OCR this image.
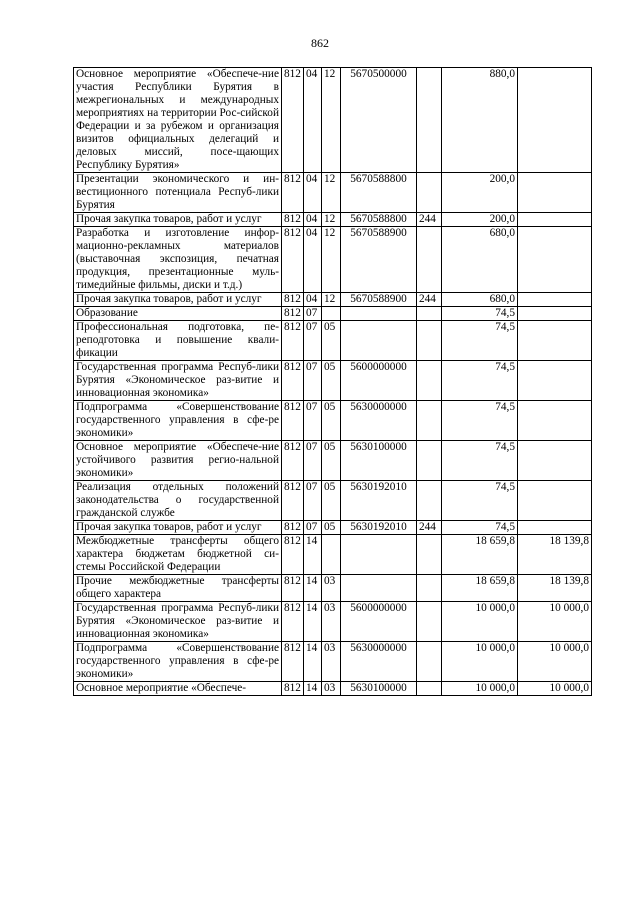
862
Основное мероприятие «Обеспече-ние участия Республики Бурятия в межрегиональных и международных мероприятиях на территории Рос-сийской Федерации и за рубежом и организация визитов официальных делегаций и деловых миссий, посе-щающих Республику Бурятия»	812	04	12	5670500000		880,0	
Презентации экономического и ин-вестиционного потенциала Респуб-лики Бурятия	812	04	12	5670588800		200,0	
Прочая закупка товаров, работ и услуг	812	04	12	5670588800	244	200,0	
Разработка и изготовление инфор-мационно-рекламных материалов (выставочная экспозиция, печатная продукция, презентационные муль-тимедийные фильмы, диски и т.д.)	812	04	12	5670588900		680,0	
Прочая закупка товаров, работ и услуг	812	04	12	5670588900	244	680,0	
Образование	812	07				74,5	
Профессиональная подготовка, пе-реподготовка и повышение квали-фикации	812	07	05			74,5	
Государственная программа Респуб-лики Бурятия «Экономическое раз-витие и инновационная экономика»	812	07	05	5600000000		74,5	
Подпрограмма «Совершенствование государственного управления в сфе-ре экономики»	812	07	05	5630000000		74,5	
Основное мероприятие «Обеспече-ние устойчивого развития регио-нальной экономики»	812	07	05	5630100000		74,5	
Реализация отдельных положений законодательства о государственной гражданской службе	812	07	05	5630192010		74,5	
Прочая закупка товаров, работ и услуг	812	07	05	5630192010	244	74,5	
Межбюджетные трансферты общего характера бюджетам бюджетной си-стемы Российской Федерации	812	14				18 659,8	18 139,8
Прочие межбюджетные трансферты общего характера	812	14	03			18 659,8	18 139,8
Государственная программа Респуб-лики Бурятия «Экономическое раз-витие и инновационная экономика»	812	14	03	5600000000		10 000,0	10 000,0
Подпрограмма «Совершенствование государственного управления в сфе-ре экономики»	812	14	03	5630000000		10 000,0	10 000,0
Основное мероприятие «Обеспече-	812	14	03	5630100000		10 000,0	10 000,0
